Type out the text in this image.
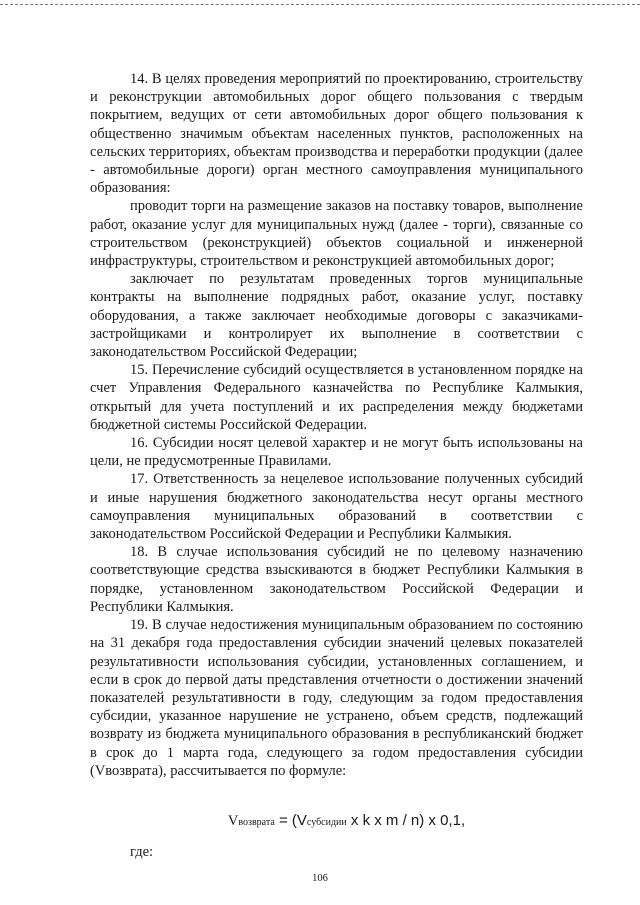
14. В целях проведения мероприятий по проектированию, строительству и реконструкции автомобильных дорог общего пользования с твердым покрытием, ведущих от сети автомобильных дорог общего пользования к общественно значимым объектам населенных пунктов, расположенных на сельских территориях, объектам производства и переработки продукции (далее - автомобильные дороги) орган местного самоуправления муниципального образования:

проводит торги на размещение заказов на поставку товаров, выполнение работ, оказание услуг для муниципальных нужд (далее - торги), связанные со строительством (реконструкцией) объектов социальной и инженерной инфраструктуры, строительством и реконструкцией автомобильных дорог;

заключает по результатам проведенных торгов муниципальные контракты на выполнение подрядных работ, оказание услуг, поставку оборудования, а также заключает необходимые договоры с заказчиками-застройщиками и контролирует их выполнение в соответствии с законодательством Российской Федерации;

15. Перечисление субсидий осуществляется в установленном порядке на счет Управления Федерального казначейства по Республике Калмыкия, открытый для учета поступлений и их распределения между бюджетами бюджетной системы Российской Федерации.

16. Субсидии носят целевой характер и не могут быть использованы на цели, не предусмотренные Правилами.

17. Ответственность за нецелевое использование полученных субсидий и иные нарушения бюджетного законодательства несут органы местного самоуправления муниципальных образований в соответствии с законодательством Российской Федерации и Республики Калмыкия.

18. В случае использования субсидий не по целевому назначению соответствующие средства взыскиваются в бюджет Республики Калмыкия в порядке, установленном законодательством Российской Федерации и Республики Калмыкия.

19. В случае недостижения муниципальным образованием по состоянию на 31 декабря года предоставления субсидии значений целевых показателей результативности использования субсидии, установленных соглашением, и если в срок до первой даты представления отчетности о достижении значений показателей результативности в году, следующим за годом предоставления субсидии, указанное нарушение не устранено, объем средств, подлежащий возврату из бюджета муниципального образования в республиканский бюджет в срок до 1 марта года, следующего за годом предоставления субсидии (Vвозврата), рассчитывается по формуле:

Vвозврата = (Vсубсидии x k x m / n) x 0,1,
где:
106
